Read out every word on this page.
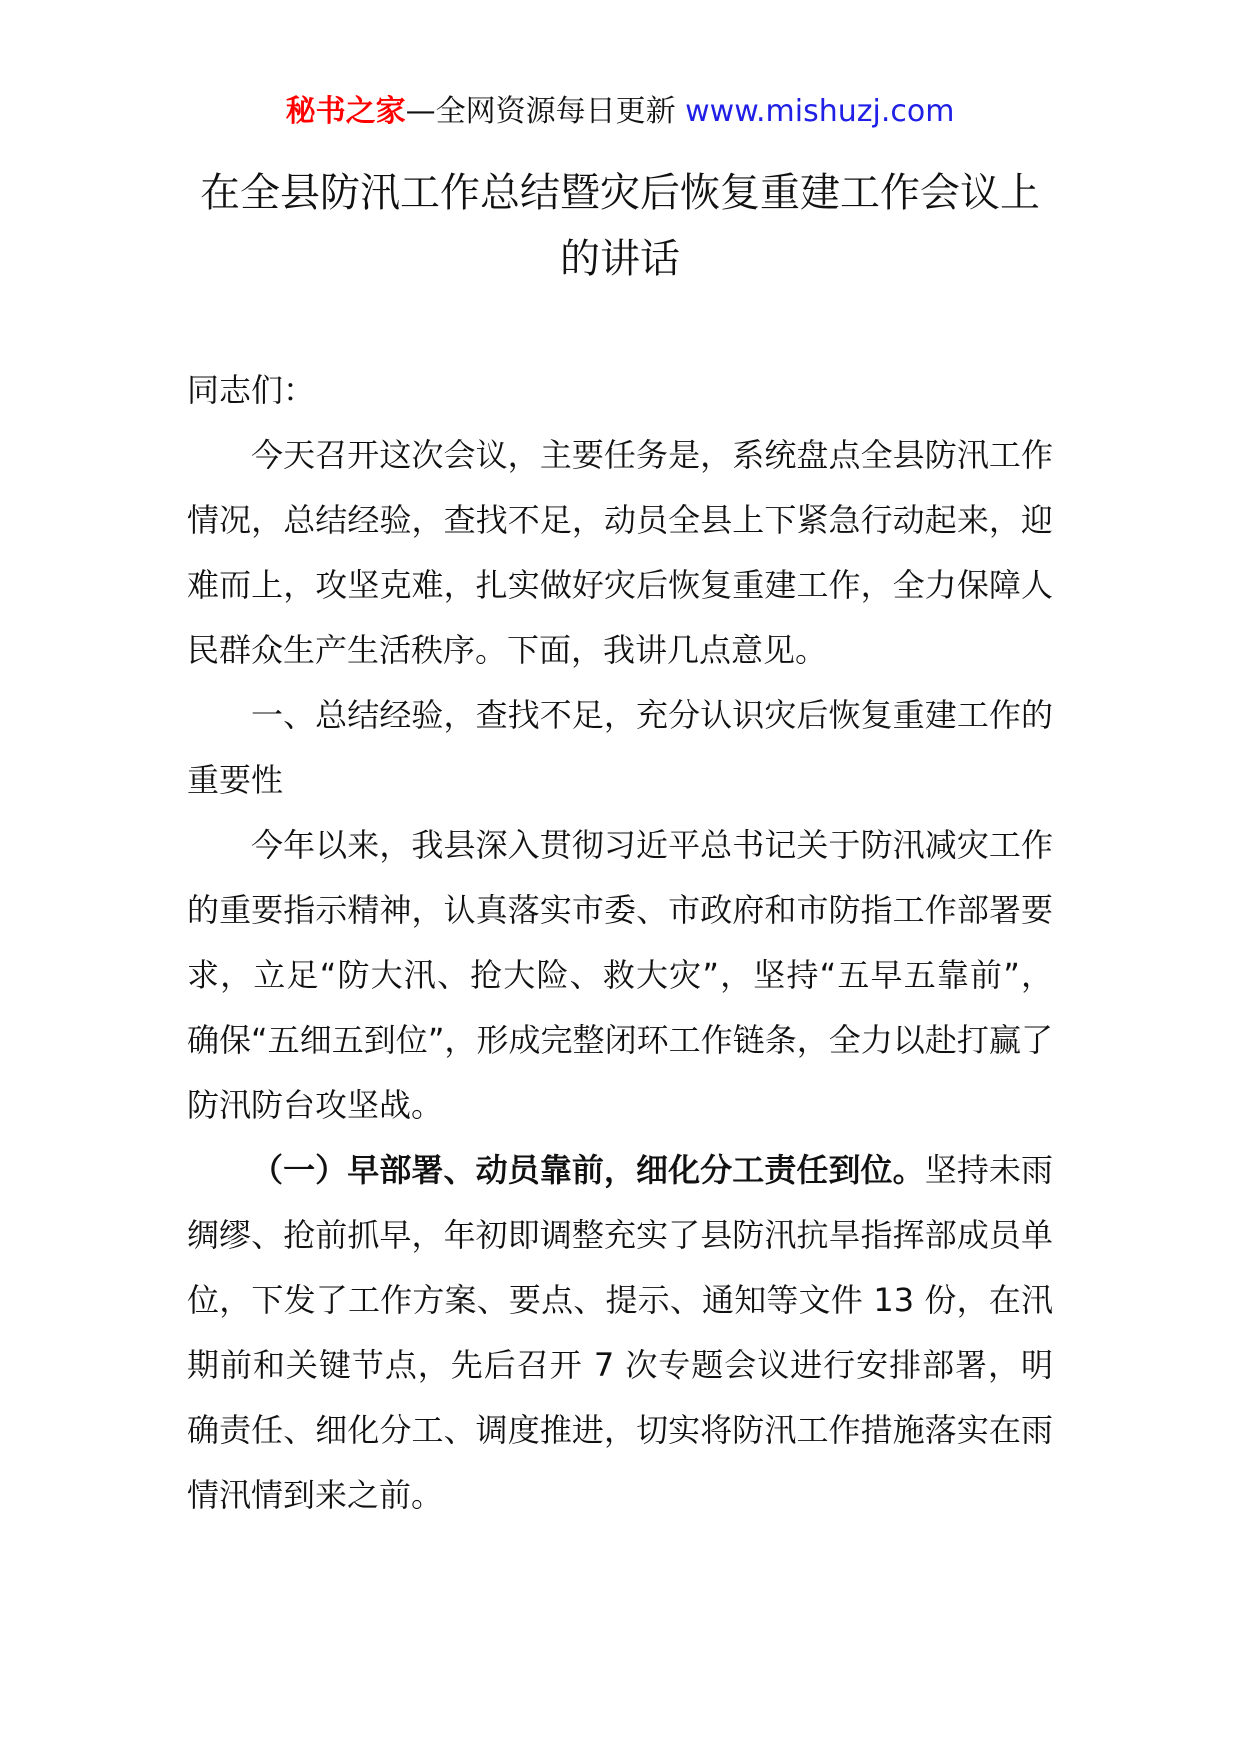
秘书之家—全网资源每日更新 www.mishuzj.com
在全县防汛工作总结暨灾后恢复重建工作会议上的讲话

同志们：

今天召开这次会议，主要任务是，系统盘点全县防汛工作情况，总结经验，查找不足，动员全县上下紧急行动起来，迎难而上，攻坚克难，扎实做好灾后恢复重建工作，全力保障人民群众生产生活秩序。下面，我讲几点意见。

一、总结经验，查找不足，充分认识灾后恢复重建工作的重要性

今年以来，我县深入贯彻习近平总书记关于防汛减灾工作的重要指示精神，认真落实市委、市政府和市防指工作部署要求，立足“防大汛、抢大险、救大灾”，坚持“五早五靠前”，确保“五细五到位”，形成完整闭环工作链条，全力以赴打赢了防汛防台攻坚战。

（一）早部署、动员靠前，细化分工责任到位。坚持未雨绸缪、抢前抓早，年初即调整充实了县防汛抗旱指挥部成员单位，下发了工作方案、要点、提示、通知等文件 13 份，在汛期前和关键节点，先后召开 7 次专题会议进行安排部署，明确责任、细化分工、调度推进，切实将防汛工作措施落实在雨情汛情到来之前。
